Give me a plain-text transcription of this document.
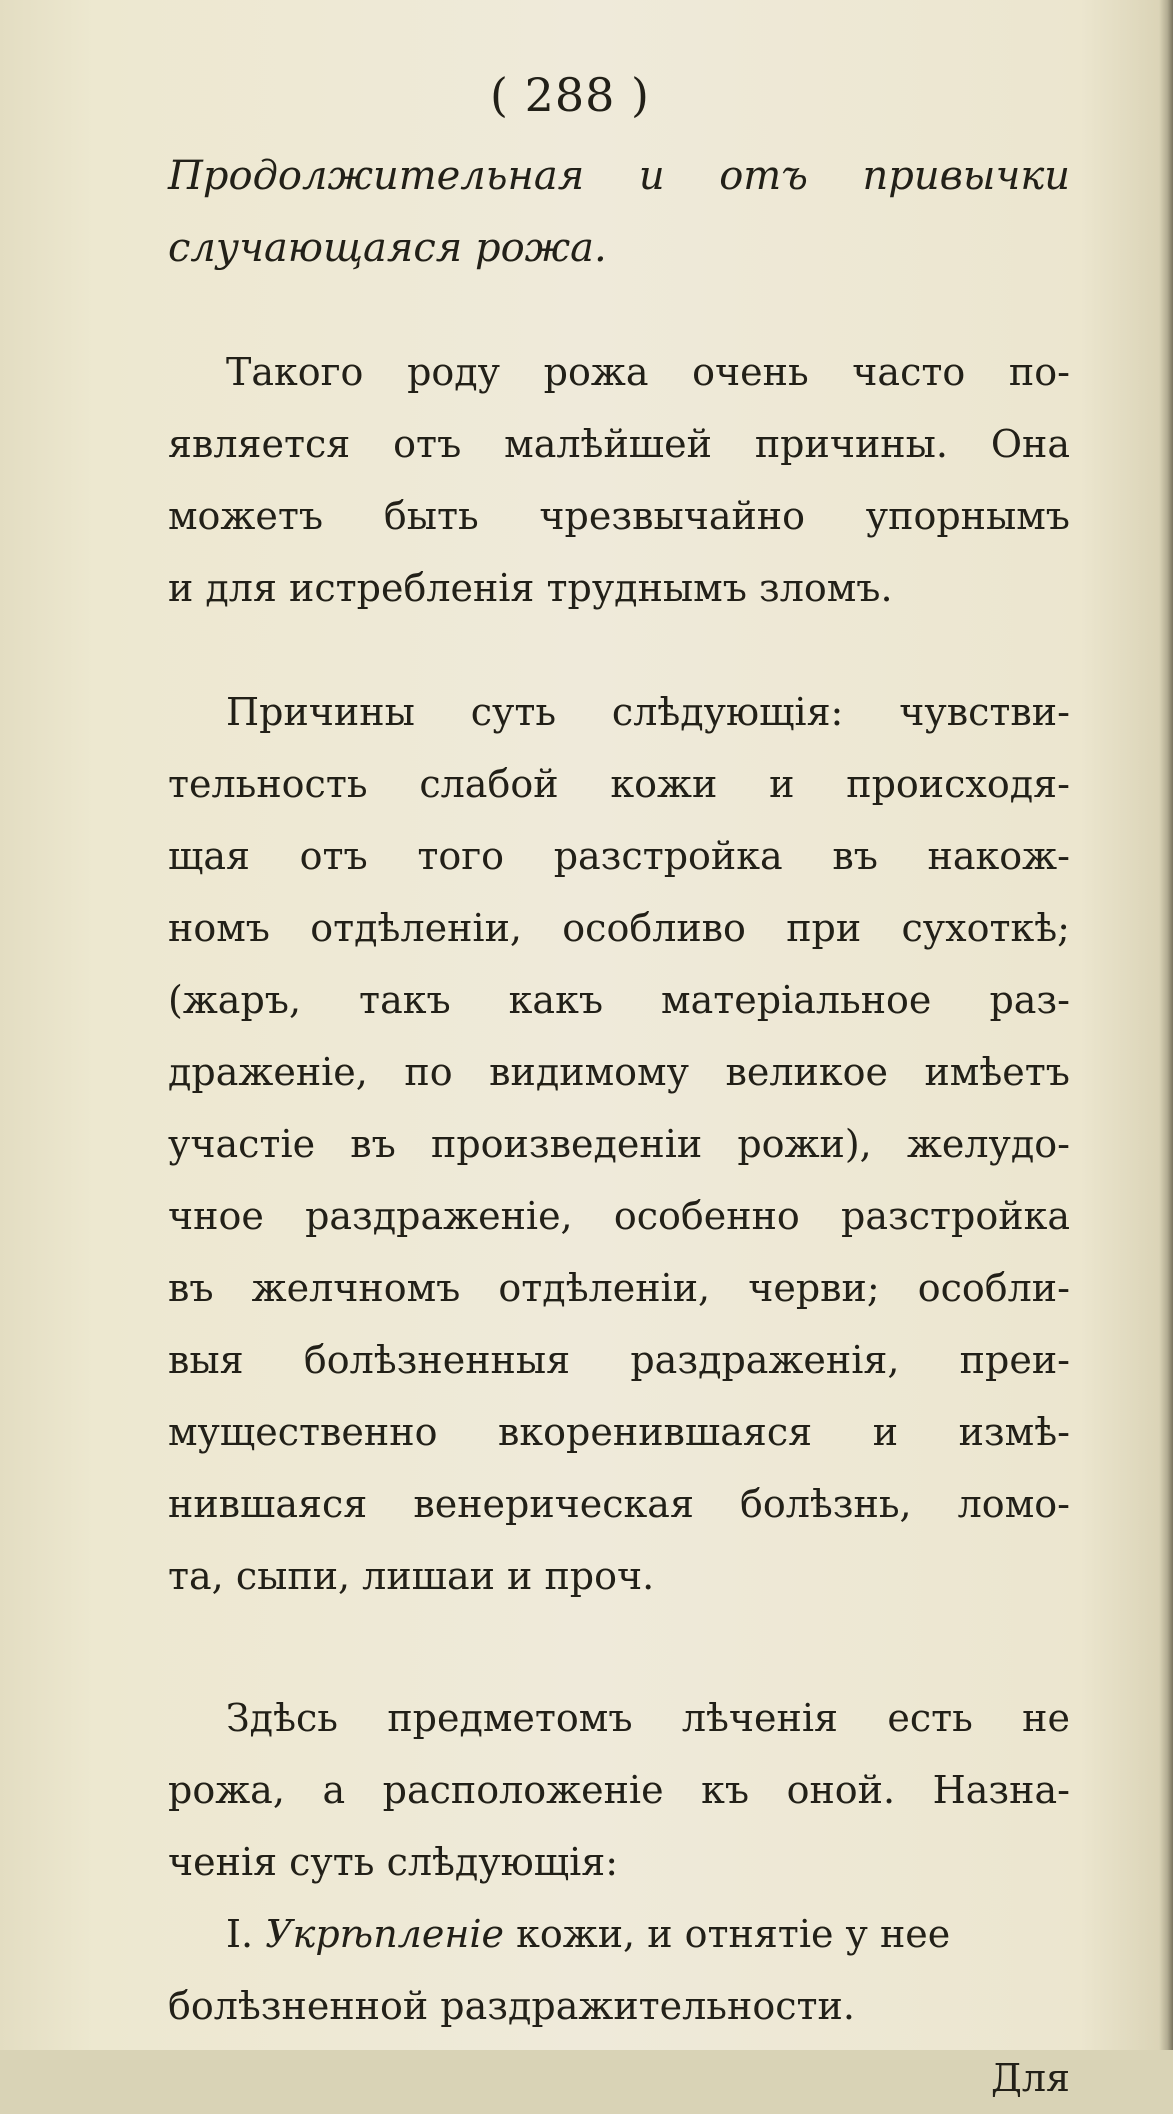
( 288 )
Продолжительная и отъ привычки
случающаяся рожа.
Такого роду рожа очень часто по-
является отъ малѣйшей причины. Она
можетъ быть чрезвычайно упорнымъ
и для истребленія труднымъ зломъ.
Причины суть слѣдующія: чувстви-
тельность слабой кожи и происходя-
щая отъ того разстройка въ накож-
номъ отдѣленіи, особливо при сухоткѣ;
(жаръ, такъ какъ матеріальное раз-
драженіе, по видимому великое имѣетъ
участіе въ произведеніи рожи), желудо-
чное раздраженіе, особенно разстройка
въ желчномъ отдѣленіи, черви; особли-
выя болѣзненныя раздраженія, преи-
мущественно вкоренившаяся и измѣ-
нившаяся венерическая болѣзнь, ломо-
та, сыпи, лишаи и проч.
Здѣсь предметомъ лѣченія есть не
рожа, а расположеніе къ оной. Назна-
ченія суть слѣдующія:
I.
Укрѣпленіе
кожи, и отнятіе у нее
болѣзненной раздражительности.
Для
